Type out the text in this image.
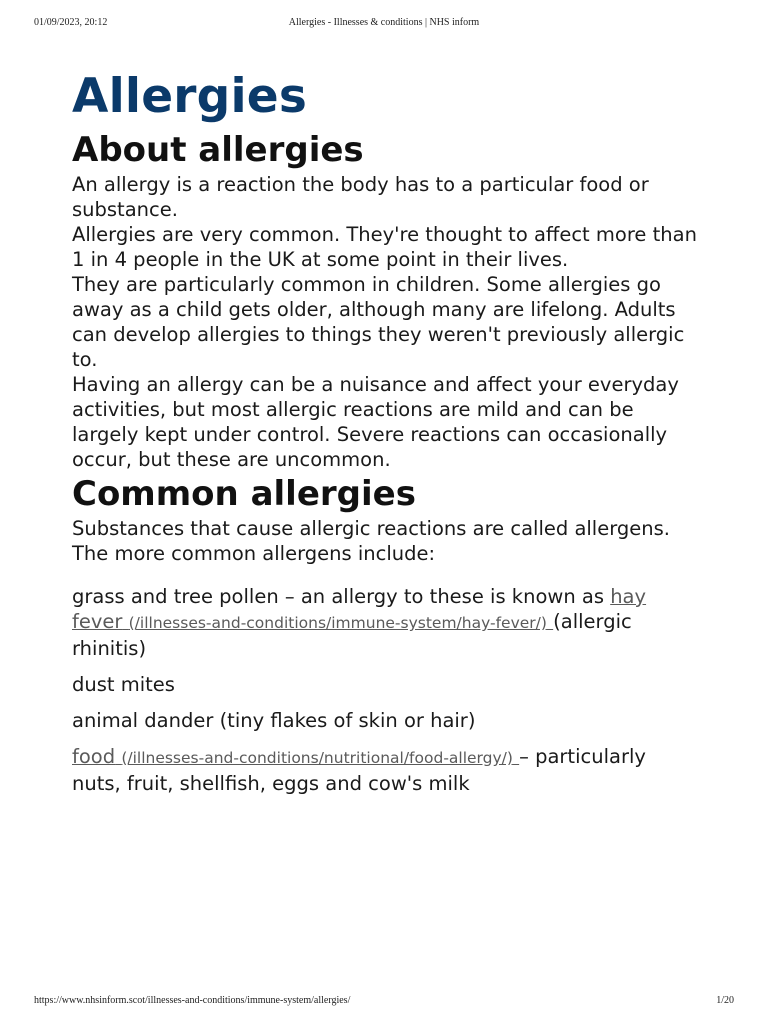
01/09/2023, 20:12	Allergies - Illnesses & conditions | NHS inform
Allergies
About allergies

An allergy is a reaction the body has to a particular food or substance.

Allergies are very common. They're thought to affect more than 1 in 4 people in the UK at some point in their lives.

They are particularly common in children. Some allergies go away as a child gets older, although many are lifelong. Adults can develop allergies to things they weren't previously allergic to.

Having an allergy can be a nuisance and affect your everyday activities, but most allergic reactions are mild and can be largely kept under control. Severe reactions can occasionally occur, but these are uncommon.

Common allergies

Substances that cause allergic reactions are called allergens. The more common allergens include:

grass and tree pollen – an allergy to these is known as hay fever (/illnesses-and-conditions/immune-system/hay-fever/) (allergic rhinitis)
dust mites
animal dander (tiny flakes of skin or hair)
food (/illnesses-and-conditions/nutritional/food-allergy/) – particularly nuts, fruit, shellfish, eggs and cow's milk
https://www.nhsinform.scot/illnesses-and-conditions/immune-system/allergies/	1/20
